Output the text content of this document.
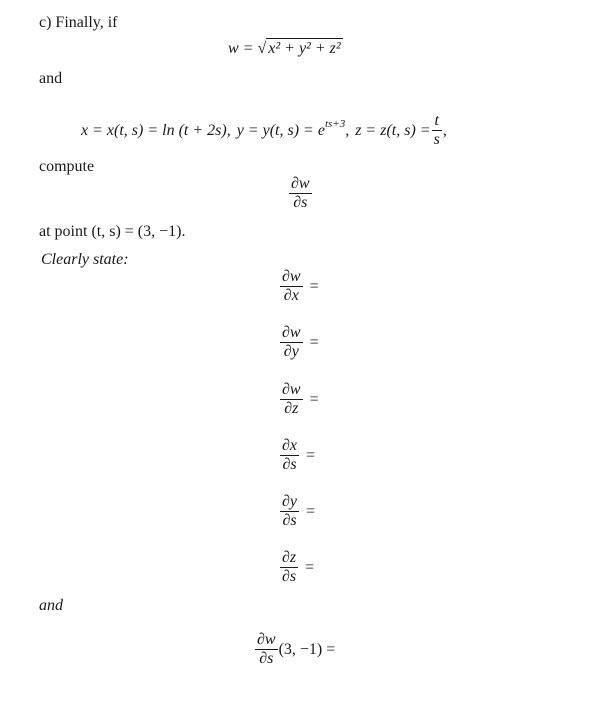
c) Finally, if
w = √ x² + y² + z²
and
x = x(t, s) = ln (t + 2s), y = y(t, $s) = e^{ts+3}$, z = z(t, $s) = \frac{t}{s}$ ,
compute
$\frac{\partial w}{\partial s}$
at point (t, s) = (3, −1).
Clearly state:
$\frac{\partial w}{\partial x}$ =
$\frac{\partial w}{\partial y}$ =
$\frac{\partial w}{\partial z}$ =
$\frac{\partial x}{\partial s}$ =
$\frac{\partial y}{\partial s}$ =
$\frac{\partial z}{\partial s}$ =
and
$\frac{\partial w}{\partial s} (3$, −1) =
